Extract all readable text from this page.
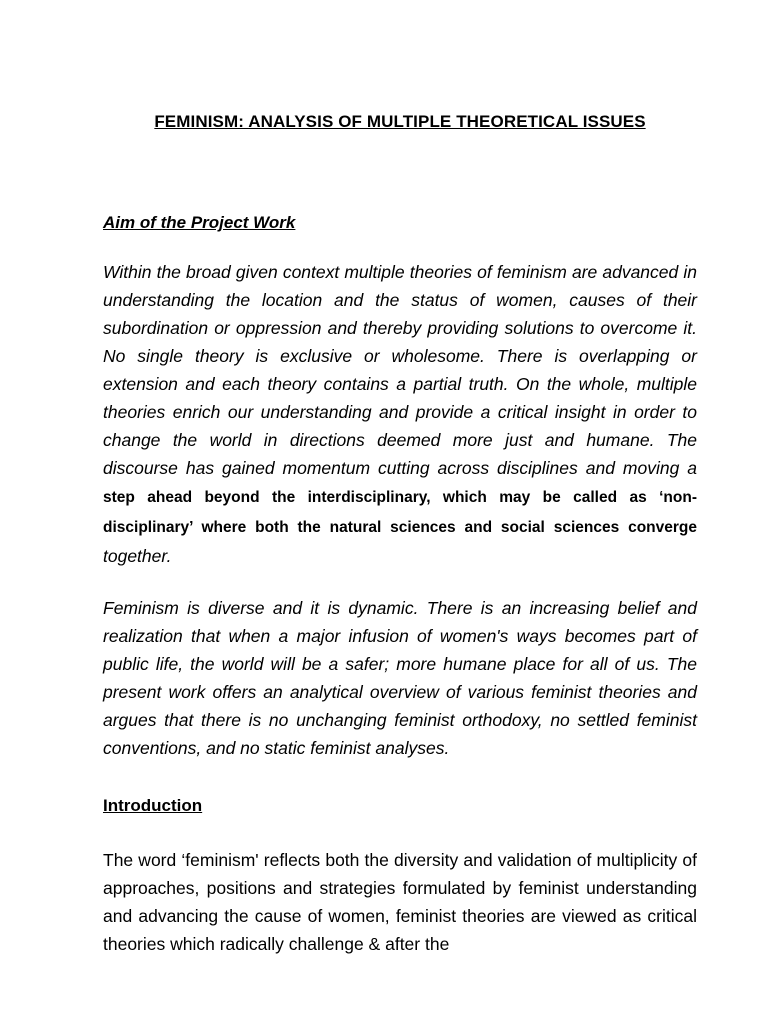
FEMINISM: ANALYSIS OF MULTIPLE THEORETICAL ISSUES
Aim of the Project Work
Within the broad given context multiple theories of feminism are advanced in understanding the location and the status of women, causes of their subordination or oppression and thereby providing solutions to overcome it. No single theory is exclusive or wholesome. There is overlapping or extension and each theory contains a partial truth. On the whole, multiple theories enrich our understanding and provide a critical insight in order to change the world in directions deemed more just and humane. The discourse has gained momentum cutting across disciplines and moving a step ahead beyond the interdisciplinary, which may be called as ‘non-disciplinary’ where both the natural sciences and social sciences converge together.
Feminism is diverse and it is dynamic. There is an increasing belief and realization that when a major infusion of women's ways becomes part of public life, the world will be a safer; more humane place for all of us. The present work offers an analytical overview of various feminist theories and argues that there is no unchanging feminist orthodoxy, no settled feminist conventions, and no static feminist analyses.
Introduction
The word ‘feminism' reflects both the diversity and validation of multiplicity of approaches, positions and strategies formulated by feminist understanding and advancing the cause of women, feminist theories are viewed as critical theories which radically challenge & after the
